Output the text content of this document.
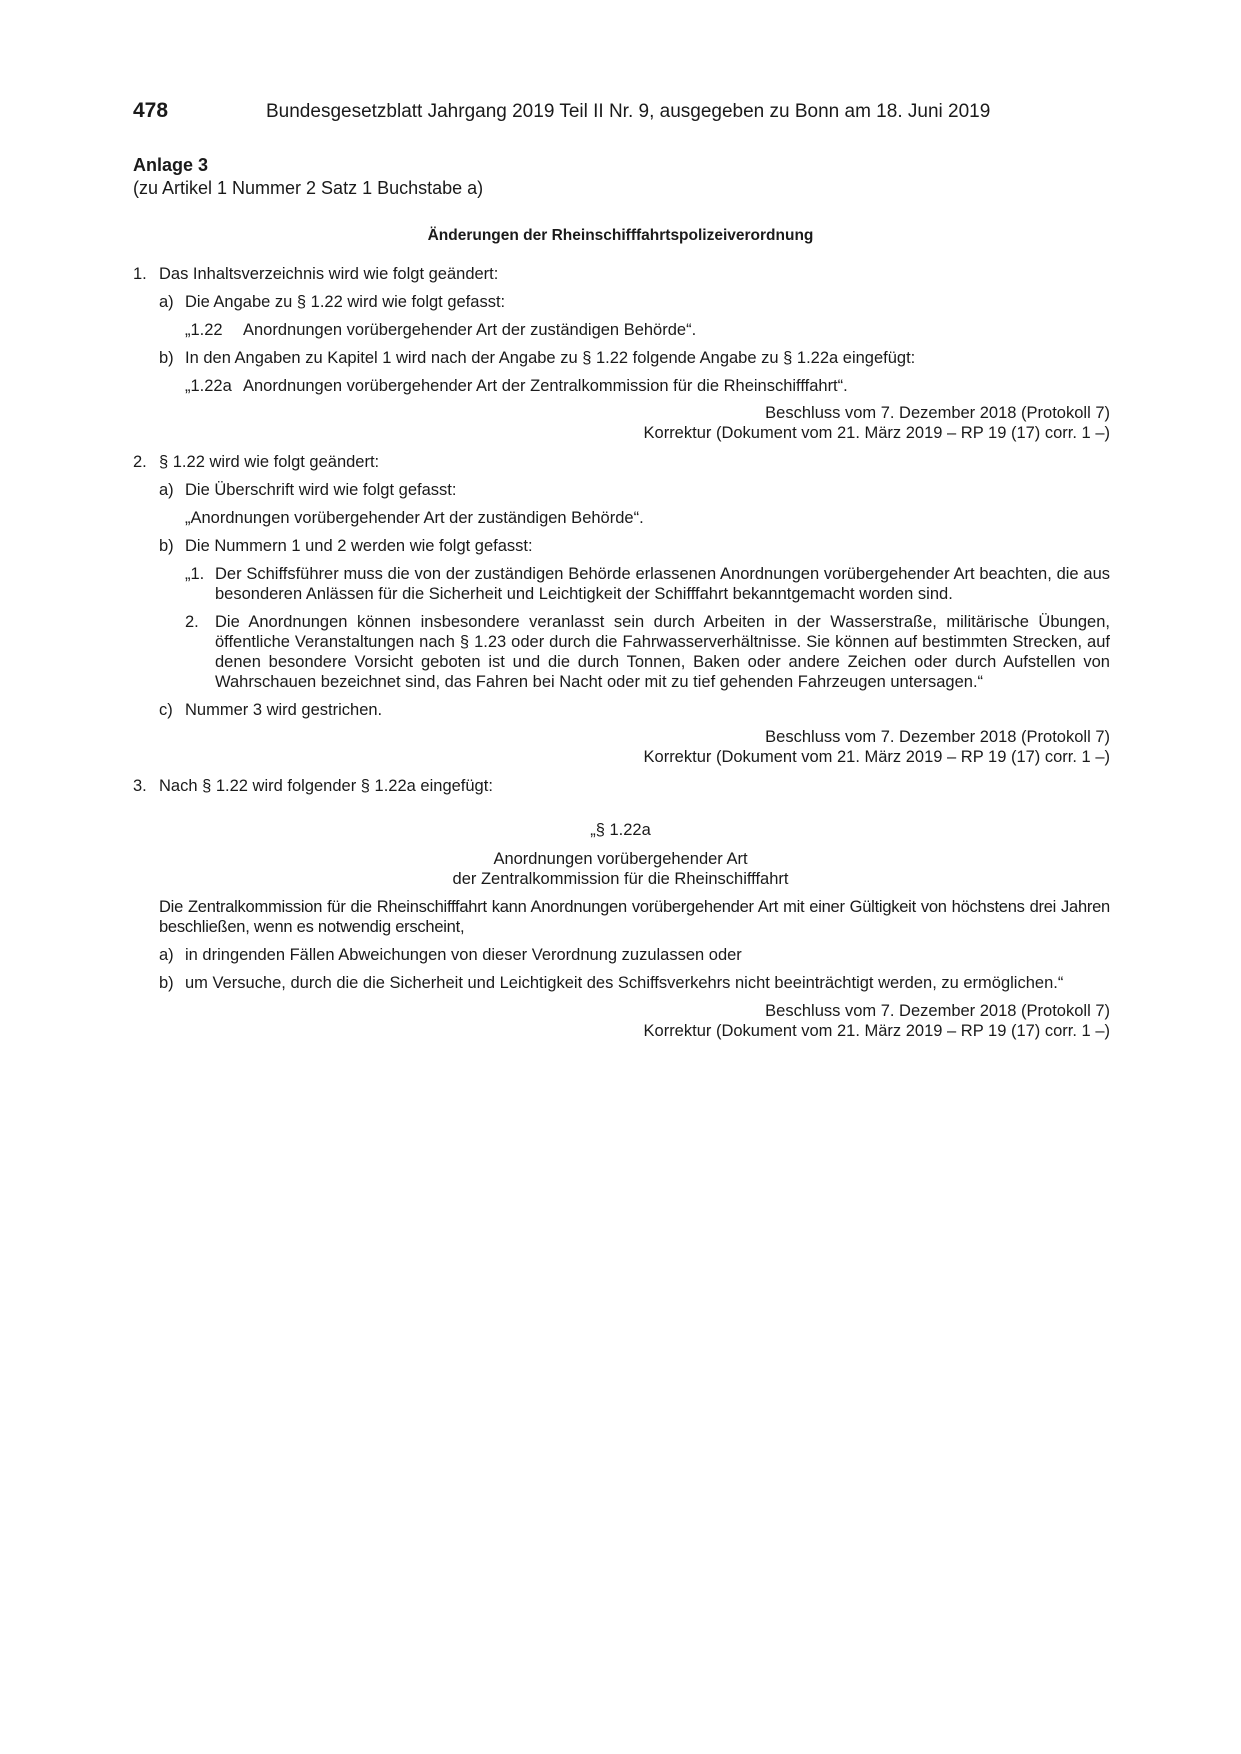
478	Bundesgesetzblatt Jahrgang 2019 Teil II Nr. 9, ausgegeben zu Bonn am 18. Juni 2019
Anlage 3
(zu Artikel 1 Nummer 2 Satz 1 Buchstabe a)
Änderungen der Rheinschifffahrtspolizeiverordnung
1. Das Inhaltsverzeichnis wird wie folgt geändert:
a) Die Angabe zu § 1.22 wird wie folgt gefasst:
„1.22 Anordnungen vorübergehender Art der zuständigen Behörde“.
b) In den Angaben zu Kapitel 1 wird nach der Angabe zu § 1.22 folgende Angabe zu § 1.22a eingefügt:
„1.22a Anordnungen vorübergehender Art der Zentralkommission für die Rheinschifffahrt“.
Beschluss vom 7. Dezember 2018 (Protokoll 7)
Korrektur (Dokument vom 21. März 2019 – RP 19 (17) corr. 1 –)
2. § 1.22 wird wie folgt geändert:
a) Die Überschrift wird wie folgt gefasst:
„Anordnungen vorübergehender Art der zuständigen Behörde“.
b) Die Nummern 1 und 2 werden wie folgt gefasst:
„1. Der Schiffsführer muss die von der zuständigen Behörde erlassenen Anordnungen vorübergehender Art beachten, die aus besonderen Anlässen für die Sicherheit und Leichtigkeit der Schifffahrt bekanntgemacht worden sind.
2. Die Anordnungen können insbesondere veranlasst sein durch Arbeiten in der Wasserstraße, militärische Übungen, öffentliche Veranstaltungen nach § 1.23 oder durch die Fahrwasserverhältnisse. Sie können auf bestimmten Strecken, auf denen besondere Vorsicht geboten ist und die durch Tonnen, Baken oder andere Zeichen oder durch Aufstellen von Wahrschauen bezeichnet sind, das Fahren bei Nacht oder mit zu tief gehenden Fahrzeugen untersagen.“
c) Nummer 3 wird gestrichen.
Beschluss vom 7. Dezember 2018 (Protokoll 7)
Korrektur (Dokument vom 21. März 2019 – RP 19 (17) corr. 1 –)
3. Nach § 1.22 wird folgender § 1.22a eingefügt:
„§ 1.22a
Anordnungen vorübergehender Art
der Zentralkommission für die Rheinschifffahrt
Die Zentralkommission für die Rheinschifffahrt kann Anordnungen vorübergehender Art mit einer Gültigkeit von höchstens drei Jahren beschließen, wenn es notwendig erscheint,
a) in dringenden Fällen Abweichungen von dieser Verordnung zuzulassen oder
b) um Versuche, durch die die Sicherheit und Leichtigkeit des Schiffsverkehrs nicht beeinträchtigt werden, zu ermöglichen.“
Beschluss vom 7. Dezember 2018 (Protokoll 7)
Korrektur (Dokument vom 21. März 2019 – RP 19 (17) corr. 1 –)
